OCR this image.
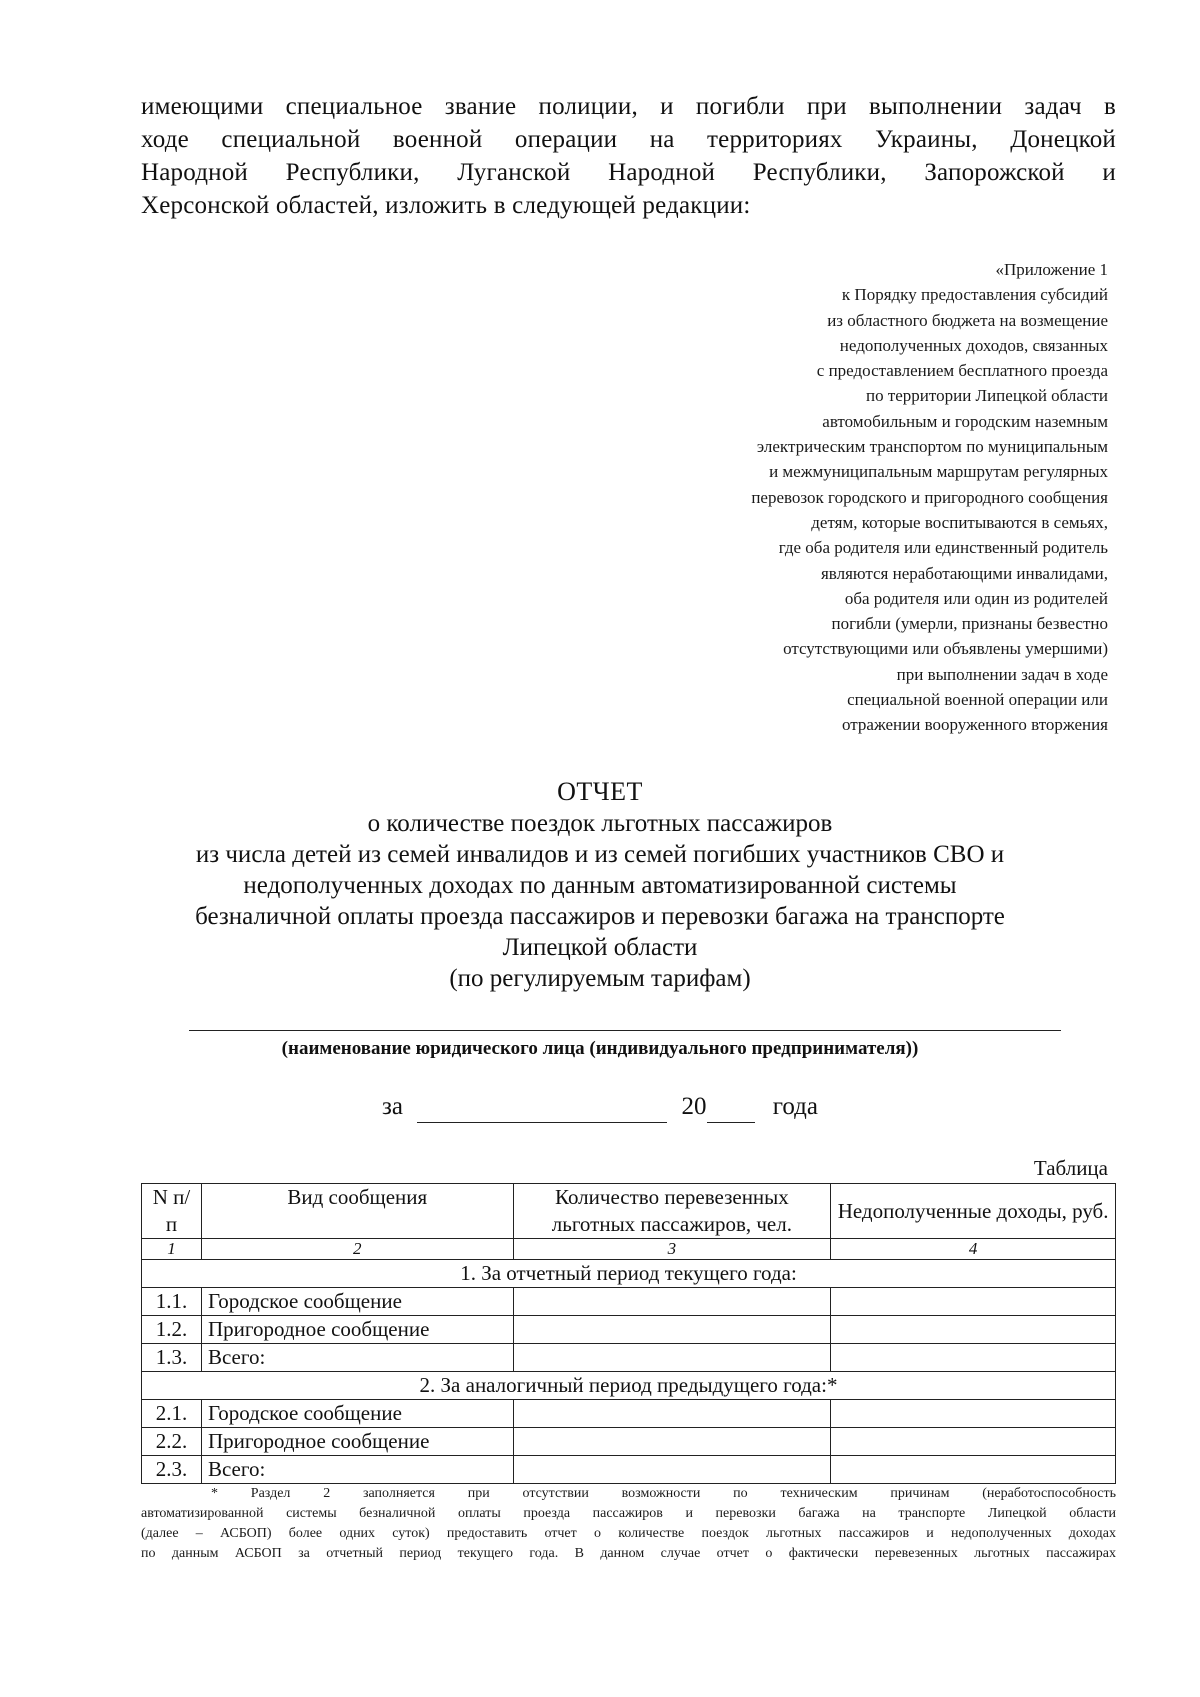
имеющими специальное звание полиции, и погибли при выполнении задач в
ходе специальной военной операции на территориях Украины, Донецкой
Народной Республики, Луганской Народной Республики, Запорожской и
Херсонской областей, изложить в следующей редакции:
«Приложение 1
к Порядку предоставления субсидий
из областного бюджета на возмещение
недополученных доходов, связанных
с предоставлением бесплатного проезда
по территории Липецкой области
автомобильным и городским наземным
электрическим транспортом по муниципальным
и межмуниципальным маршрутам регулярных
перевозок городского и пригородного сообщения
детям, которые воспитываются в семьях,
где оба родителя или единственный родитель
являются неработающими инвалидами,
оба родителя или один из родителей
погибли (умерли, признаны безвестно
отсутствующими или объявлены умершими)
при выполнении задач в ходе
специальной военной операции или
отражении вооруженного вторжения
ОТЧЕТ
о количестве поездок льготных пассажиров
из числа детей из семей инвалидов и из семей погибших участников СВО и
недополученных доходах по данным автоматизированной системы
безналичной оплаты проезда пассажиров и перевозки багажа на транспорте
Липецкой области
(по регулируемым тарифам)
(наименование юридического лица (индивидуального предпринимателя))
за	20	года
Таблица
N п/п	Вид сообщения	Количество перевезенных льготных пассажиров, чел.	Недополученные доходы, руб.
1	2	3	4
1. За отчетный период текущего года:			
1.1.	Городское сообщение		
1.2.	Пригородное сообщение		
1.3.	Всего:		
2. За аналогичный период предыдущего года:*			
2.1.	Городское сообщение		
2.2.	Пригородное сообщение		
2.3.	Всего:		
* Раздел 2 заполняется при отсутствии возможности по техническим причинам (неработоспособность
автоматизированной системы безналичной оплаты проезда пассажиров и перевозки багажа на транспорте Липецкой области
(далее – АСБОП) более одних суток) предоставить отчет о количестве поездок льготных пассажиров и недополученных доходах
по данным АСБОП за отчетный период текущего года. В данном случае отчет о фактически перевезенных льготных пассажирах
